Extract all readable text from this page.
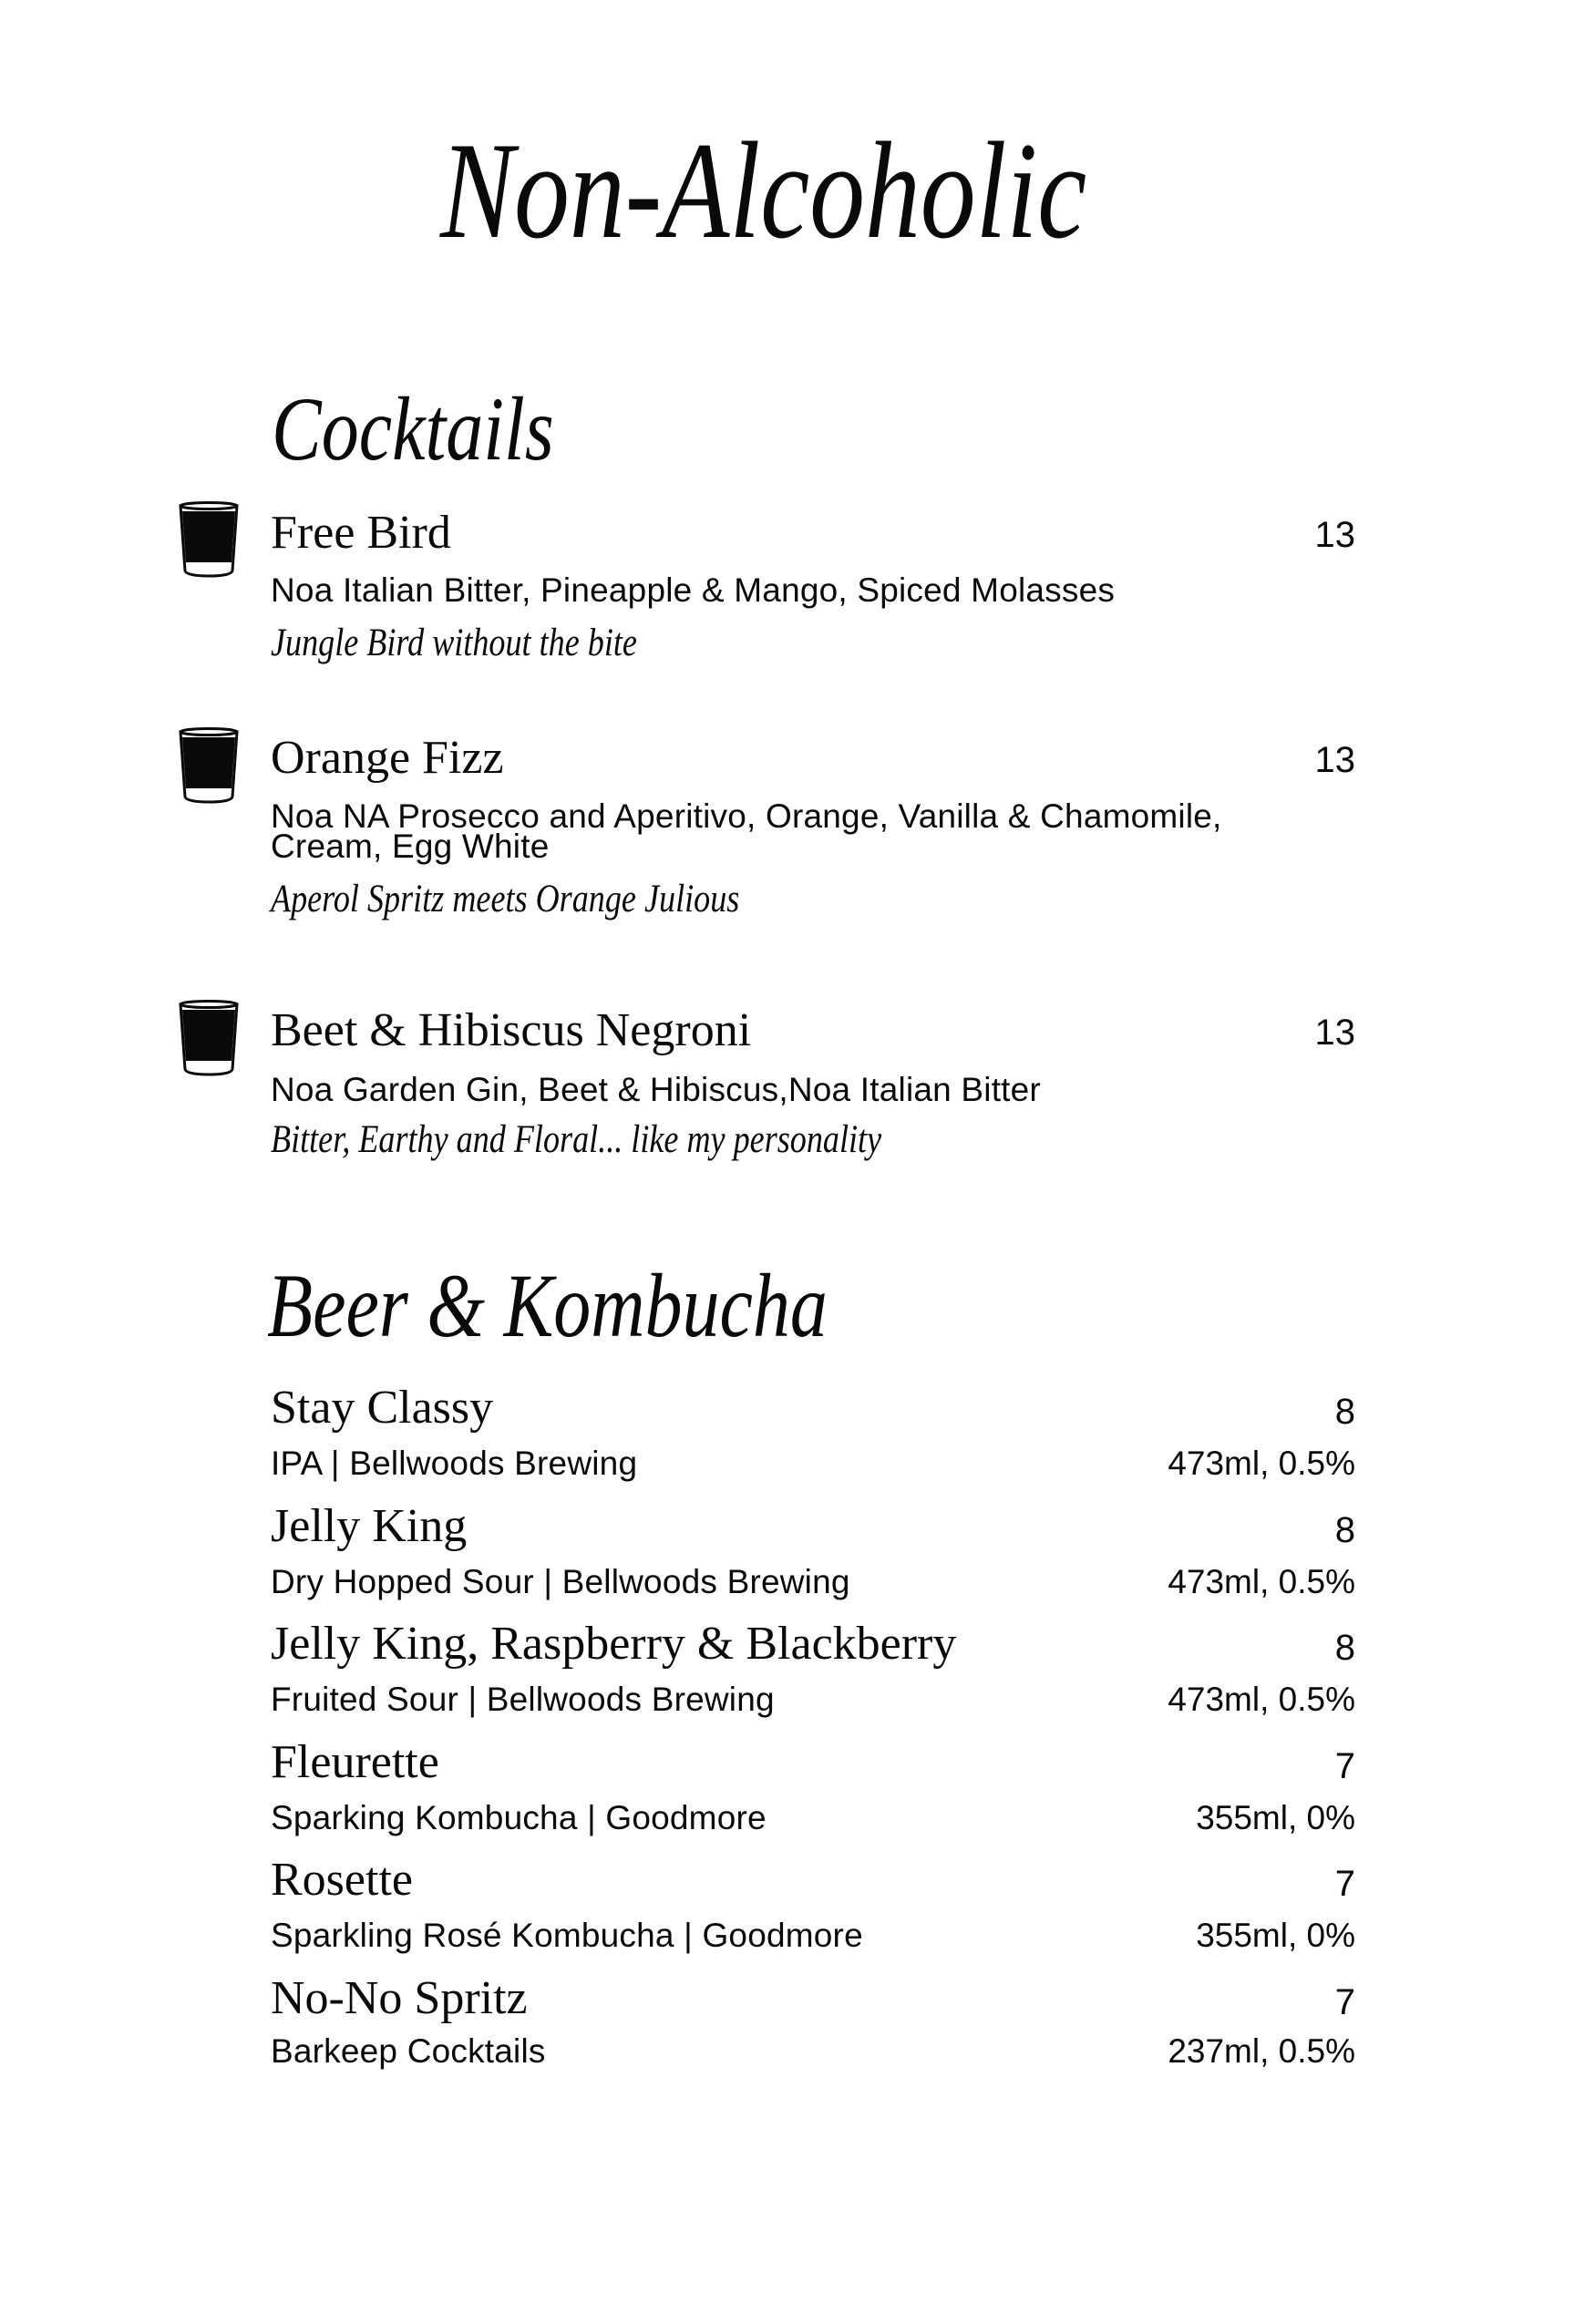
Non-Alcoholic
Cocktails
Free Bird	13
Noa Italian Bitter, Pineapple & Mango, Spiced Molasses
Jungle Bird without the bite
Orange Fizz	13
Noa NA Prosecco and Aperitivo, Orange, Vanilla & Chamomile,
Cream, Egg White
Aperol Spritz meets Orange Julious
Beet & Hibiscus Negroni	13
Noa Garden Gin, Beet & Hibiscus,Noa Italian Bitter
Bitter, Earthy and Floral... like my personality
Beer & Kombucha
Stay Classy	8
IPA | Bellwoods Brewing	473ml, 0.5%
Jelly King	8
Dry Hopped Sour | Bellwoods Brewing	473ml, 0.5%
Jelly King, Raspberry & Blackberry	8
Fruited Sour | Bellwoods Brewing	473ml, 0.5%
Fleurette	7
Sparking Kombucha | Goodmore	355ml, 0%
Rosette	7
Sparkling Rosé Kombucha | Goodmore	355ml, 0%
No-No Spritz	7
Barkeep Cocktails	237ml, 0.5%
